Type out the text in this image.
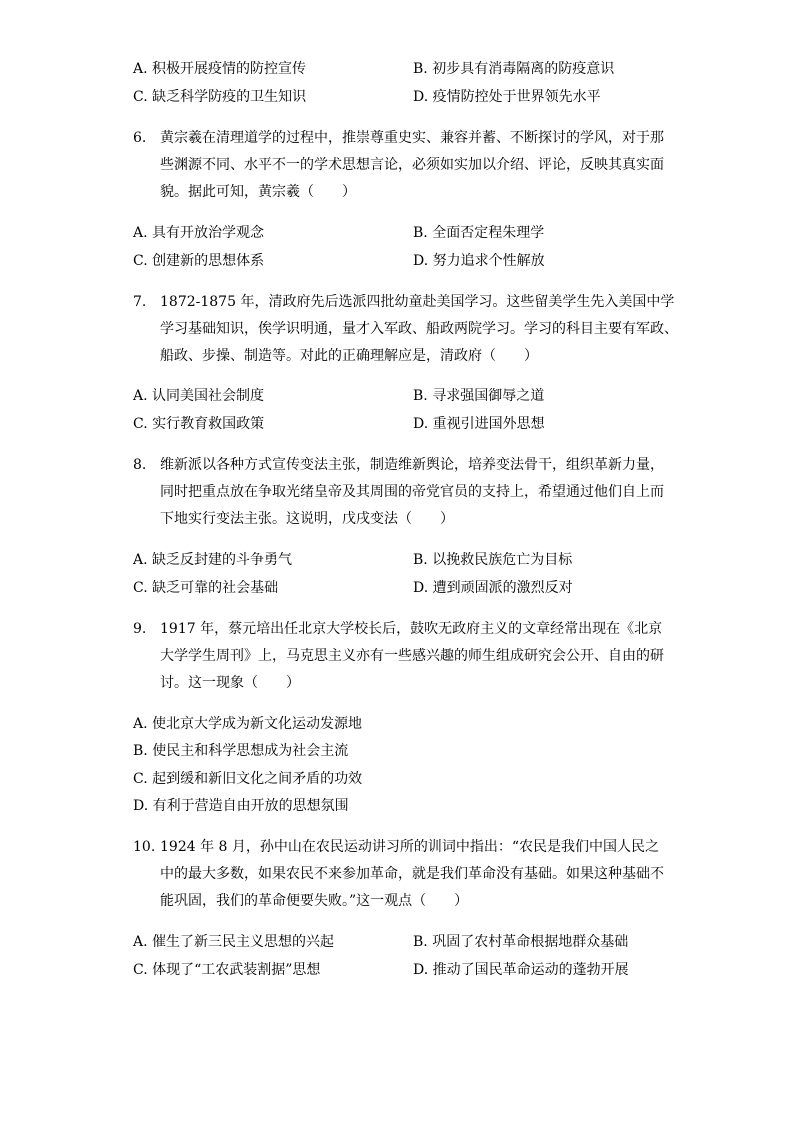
A. 积极开展疫情的防控宣传	B. 初步具有消毒隔离的防疫意识
C. 缺乏科学防疫的卫生知识	D. 疫情防控处于世界领先水平
6. 黄宗羲在清理道学的过程中，推崇尊重史实、兼容并蓄、不断探讨的学风，对于那
些渊源不同、水平不一的学术思想言论，必须如实加以介绍、评论，反映其真实面
貌。据此可知，黄宗羲（　　）
A. 具有开放治学观念	B. 全面否定程朱理学
C. 创建新的思想体系	D. 努力追求个性解放
7. 1872-1875 年，清政府先后选派四批幼童赴美国学习。这些留美学生先入美国中学
学习基础知识，俟学识明通，量才入军政、船政两院学习。学习的科目主要有军政、
船政、步操、制造等。对此的正确理解应是，清政府（　　）
A. 认同美国社会制度	B. 寻求强国御辱之道
C. 实行教育救国政策	D. 重视引进国外思想
8. 维新派以各种方式宣传变法主张，制造维新舆论，培养变法骨干，组织革新力量，
同时把重点放在争取光绪皇帝及其周围的帝党官员的支持上，希望通过他们自上而
下地实行变法主张。这说明，戊戌变法（　　）
A. 缺乏反封建的斗争勇气	B. 以挽救民族危亡为目标
C. 缺乏可靠的社会基础	D. 遭到顽固派的激烈反对
9. 1917 年，蔡元培出任北京大学校长后，鼓吹无政府主义的文章经常出现在《北京
大学学生周刊》上，马克思主义亦有一些感兴趣的师生组成研究会公开、自由的研
讨。这一现象（　　）
A. 使北京大学成为新文化运动发源地
B. 使民主和科学思想成为社会主流
C. 起到缓和新旧文化之间矛盾的功效
D. 有利于营造自由开放的思想氛围
10. 1924 年 8 月，孙中山在农民运动讲习所的训词中指出：“农民是我们中国人民之
中的最大多数，如果农民不来参加革命，就是我们革命没有基础。如果这种基础不
能巩固，我们的革命便要失败。”这一观点（　　）
A. 催生了新三民主义思想的兴起	B. 巩固了农村革命根据地群众基础
C. 体现了“工农武装割据”思想	D. 推动了国民革命运动的蓬勃开展
